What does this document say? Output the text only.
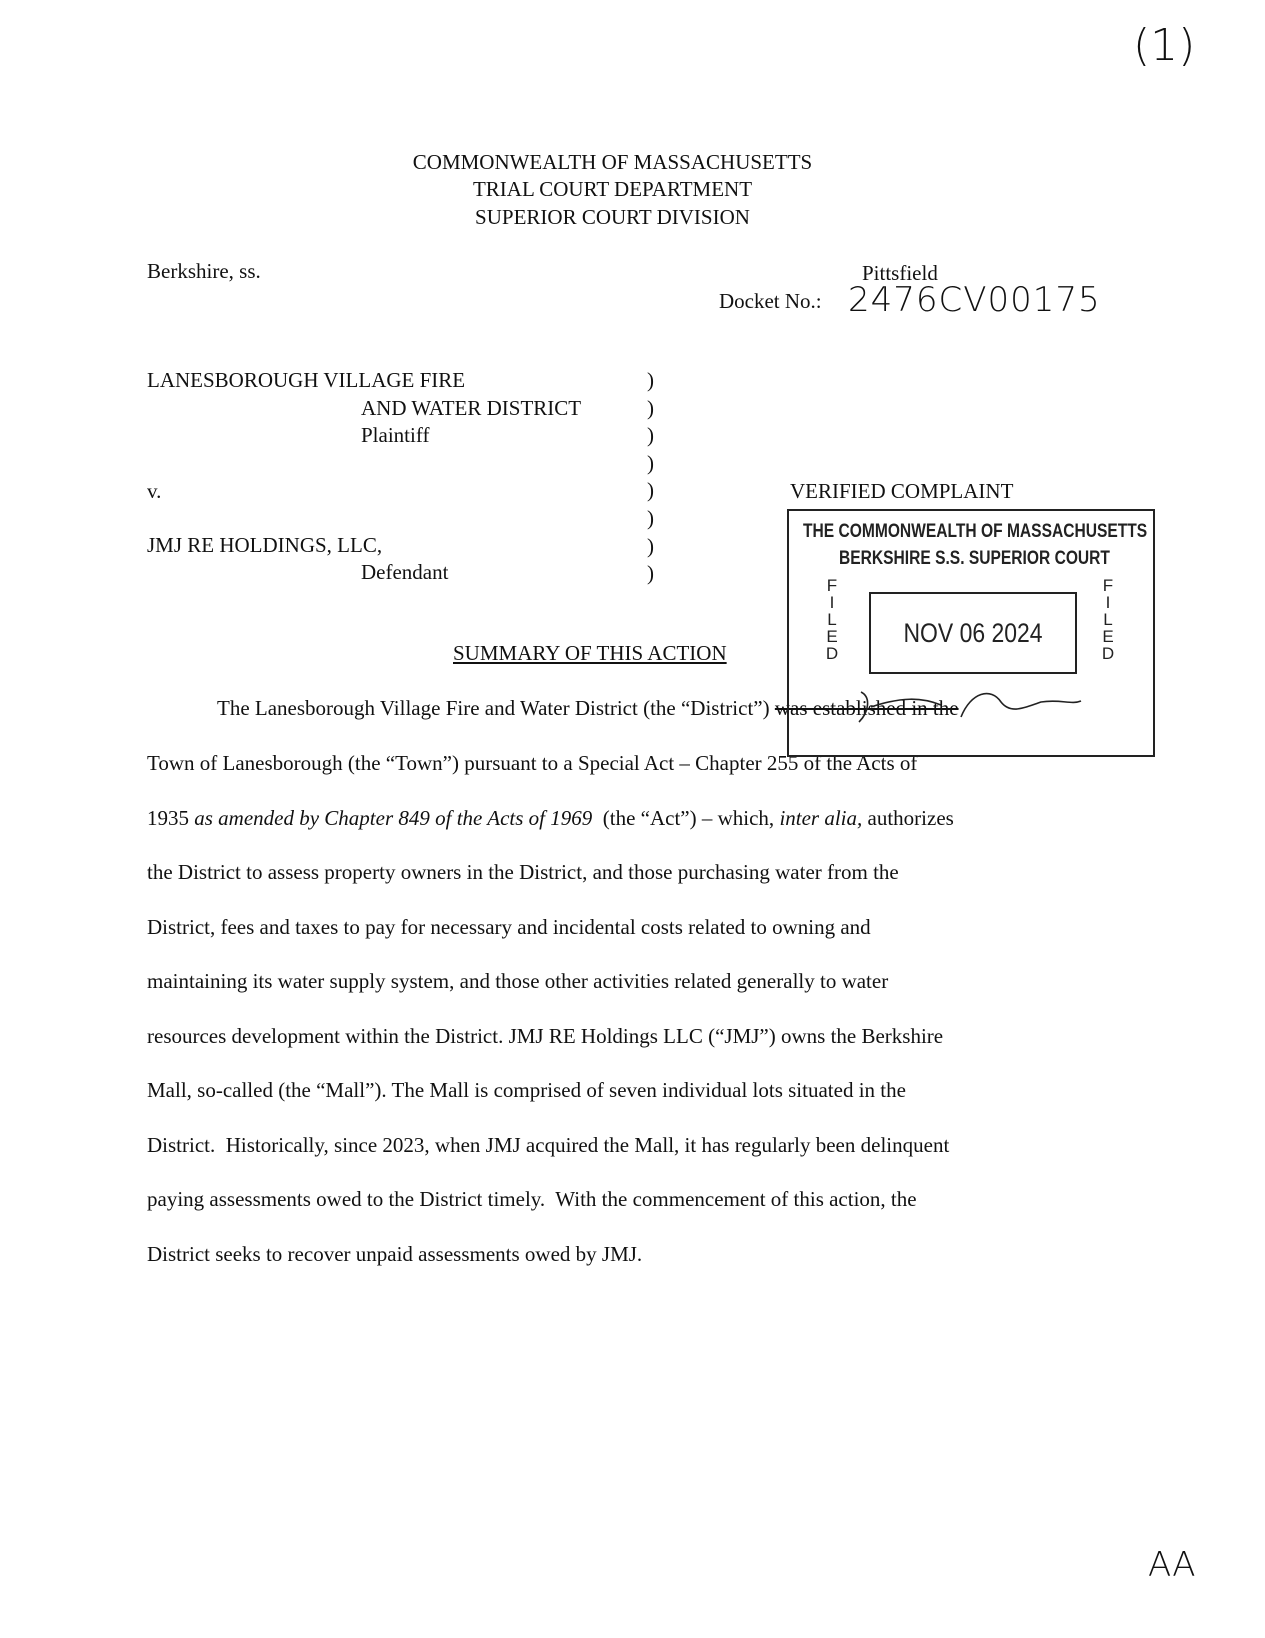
(1)
COMMONWEALTH OF MASSACHUSETTS
TRIAL COURT DEPARTMENT
SUPERIOR COURT DIVISION
Berkshire, ss.	Pittsfield
Docket No.: 2476CV00175
LANESBOROUGH VILLAGE FIRE
AND WATER DISTRICT
Plaintiff
v.
JMJ RE HOLDINGS, LLC,
Defendant
)
)
)
)
)
)
)
)
VERIFIED COMPLAINT
SUMMARY OF THIS ACTION
The Lanesborough Village Fire and Water District (the “District”) was established in the
Town of Lanesborough (the “Town”) pursuant to a Special Act – Chapter 255 of the Acts of
1935 as amended by Chapter 849 of the Acts of 1969  (the “Act”) – which, inter alia, authorizes
the District to assess property owners in the District, and those purchasing water from the
District, fees and taxes to pay for necessary and incidental costs related to owning and
maintaining its water supply system, and those other activities related generally to water
resources development within the District. JMJ RE Holdings LLC (“JMJ”) owns the Berkshire
Mall, so-called (the “Mall”). The Mall is comprised of seven individual lots situated in the
District.  Historically, since 2023, when JMJ acquired the Mall, it has regularly been delinquent
paying assessments owed to the District timely.  With the commencement of this action, the
District seeks to recover unpaid assessments owed by JMJ.
THE COMMONWEALTH OF MASSACHUSETTS
BERKSHIRE S.S. SUPERIOR COURT
F
I
L
E
D
F
I
L
E
D
NOV 06 2024
AA
